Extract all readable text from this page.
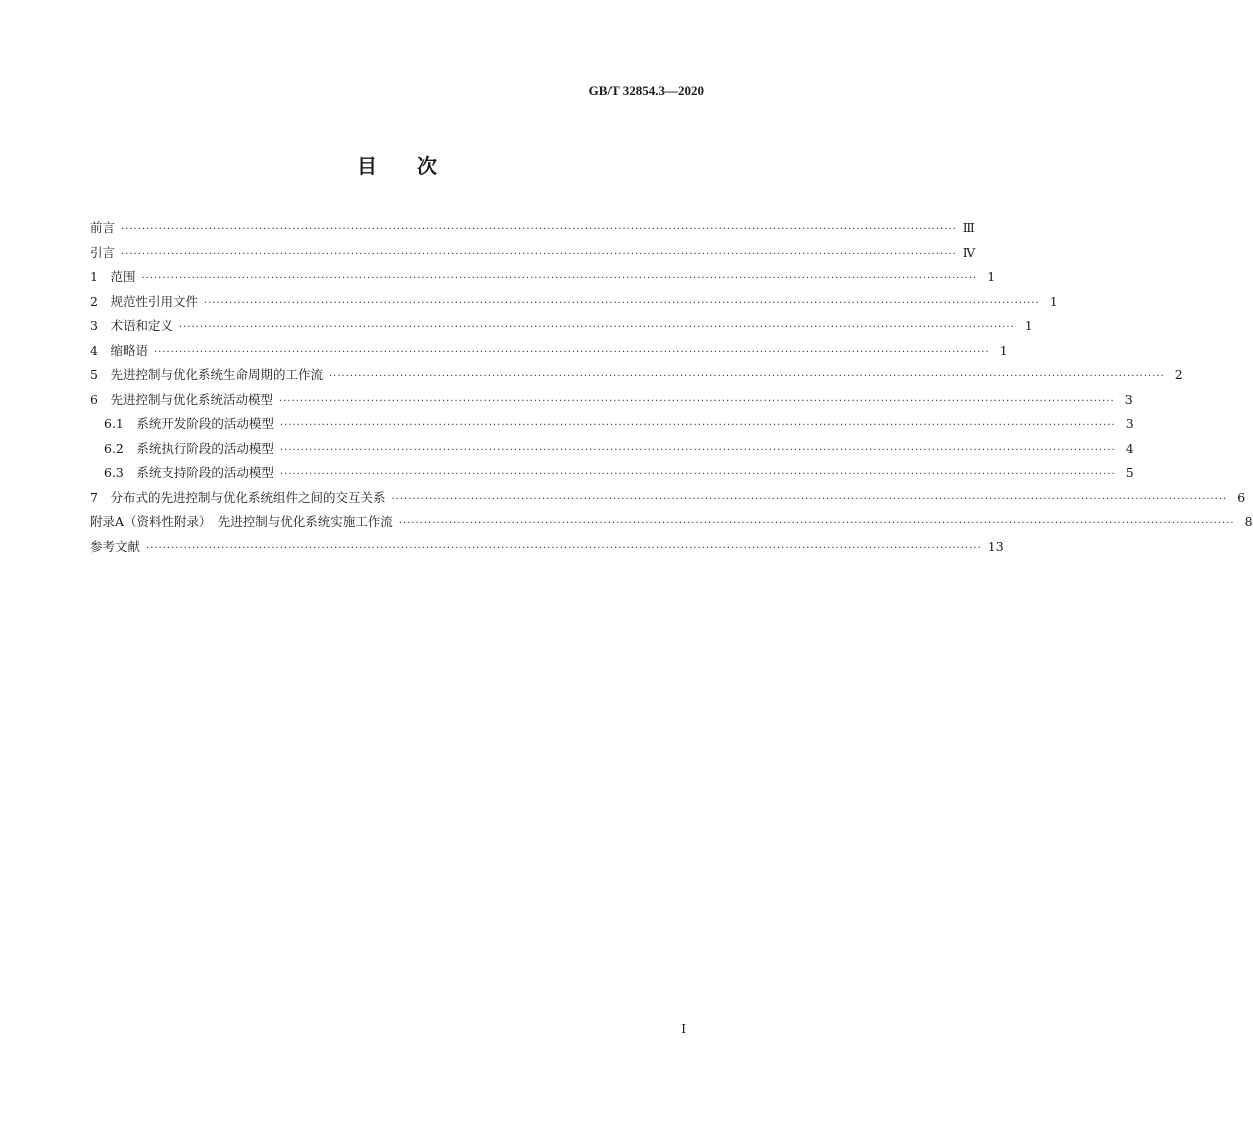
GB/T 32854.3—2020
目次
前言 ········································································································································································································ Ⅲ
引言 ········································································································································································································ Ⅳ
1　范围 ········································································································································································································ 1
2　规范性引用文件 ········································································································································································································ 1
3　术语和定义 ········································································································································································································ 1
4　缩略语 ········································································································································································································ 1
5　先进控制与优化系统生命周期的工作流 ········································································································································································································ 2
6　先进控制与优化系统活动模型 ········································································································································································································ 3
6.1　系统开发阶段的活动模型 ········································································································································································································ 3
6.2　系统执行阶段的活动模型 ········································································································································································································ 4
6.3　系统支持阶段的活动模型 ········································································································································································································ 5
7　分布式的先进控制与优化系统组件之间的交互关系 ········································································································································································································ 6
附录A（资料性附录）　先进控制与优化系统实施工作流 ········································································································································································································ 8
参考文献 ········································································································································································································ 13
I
